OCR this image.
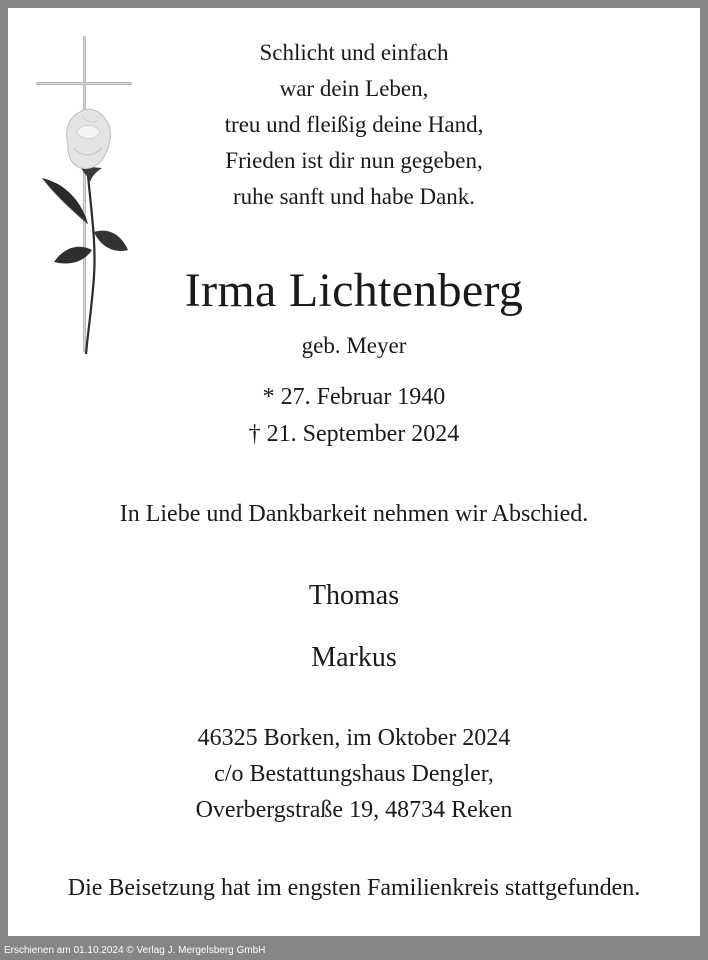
Schlicht und einfach
war dein Leben,
treu und fleißig deine Hand,
Frieden ist dir nun gegeben,
ruhe sanft und habe Dank.
Irma Lichtenberg
geb. Meyer
* 27. Februar 1940
† 21. September 2024
In Liebe und Dankbarkeit nehmen wir Abschied.
Thomas
Markus
46325 Borken, im Oktober 2024
c/o Bestattungshaus Dengler,
Overbergstraße 19, 48734 Reken
Die Beisetzung hat im engsten Familienkreis stattgefunden.
Erschienen am 01.10.2024 © Verlag J. Mergelsberg GmbH
